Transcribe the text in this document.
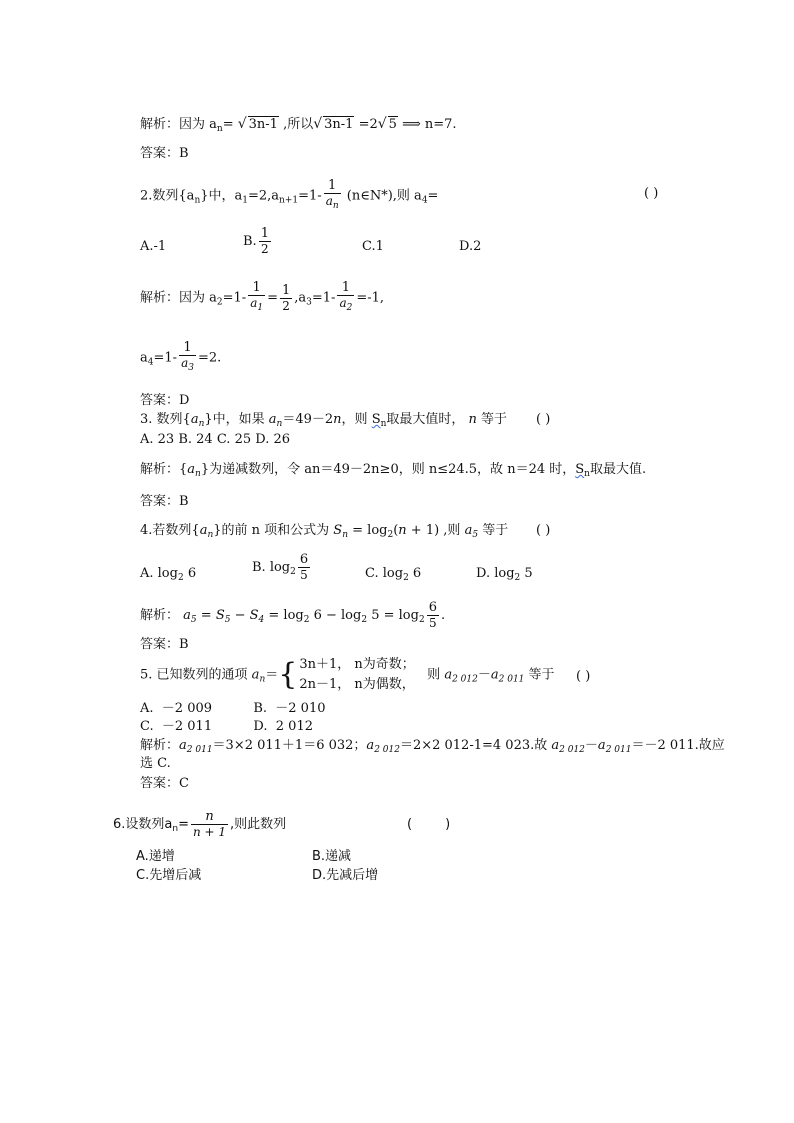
解析：因为 $a_n=$ √ 3n-1 ,所以√ 3n-1 =2√ 5 ⟹ n=7.
答案：B
2.数列$\{a_n\}$中，$a_1=2,a_{n+1}=1- \frac{1}{a_n}$ (n∈N*),则 $a_4=$	( )
A.-1	B. $\frac{1}{2}$	C.1	D.2
解析：因为 $a_2=1- \frac{1}{a_1} = \frac{1}{2} ,a_3=1- \frac{1}{a_2} =-1$,
$a_4=1- \frac{1}{a_3} =2$.
答案：D
3. 数列$\{a_n\}$中，如果 $a_n=49-2n$，则 $S_n$取最大值时， n 等于 ( )
A. 23 B. 24 C. 25 D. 26
解析：$\{a_n\}$为递减数列，令 an＝49－2n≥0，则 n≤24.5，故 n＝24 时，$S_n$取最大值.
答案：B
4.若数列$\{a_n\}$的前 n 项和公式为 $S_n = \log_2(n + 1)$ ,则 $a_5$ 等于 ( )
A. $\log_2 6$	B. $\log_2 \frac{6}{5}$	C. $\log_2 6$	D. $\log_2 5$
解析： $a_5 = S_5 - S_4 = \log_2 6 - \log_2 5 = \log_2 \frac{6}{5}$ .
答案：B
5. 已知数列的通项 $a_n=${ 3n＋1， n为奇数；
2n－1， n为偶数，
则 $a_{2 012}-a_{2 011}$ 等于 ( )
A.  －2 009          B.  －2 010
C.  －2 011          D.  2 012
解析：$a_{2 011}=3\times 2$ 011＋1＝6 032；$a_{2 012}=2\times 2$ 012-1=4 023.故 $a_{2 012}-a_{2 011}=-2$ 011.故应
选 C.
答案：C
6.设数列$a_n= \frac{n}{n + 1}$ ,则此数列	(        )
A.递增	B.递减
C.先增后减	D.先减后增
